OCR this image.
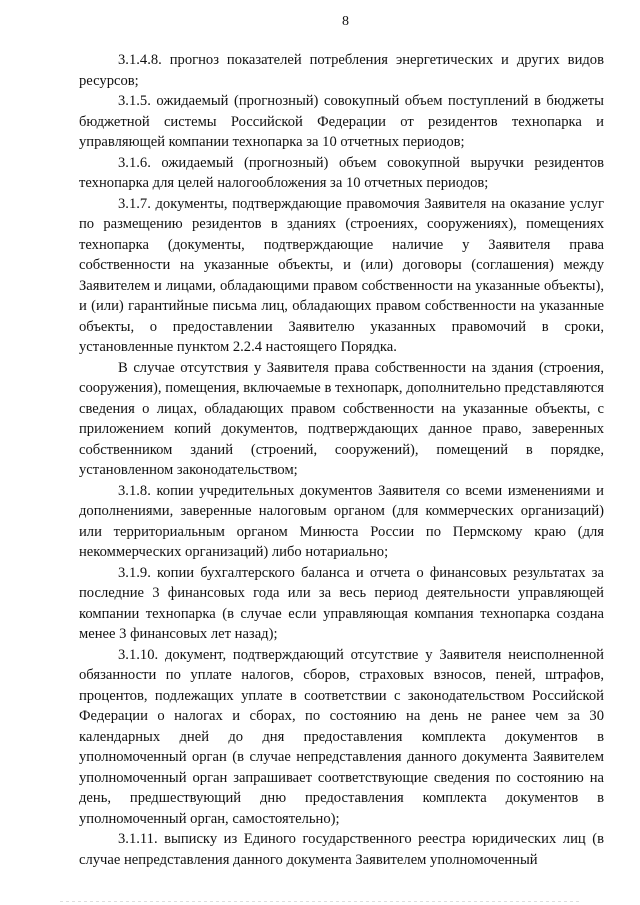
8

3.1.4.8. прогноз показателей потребления энергетических и других видов ресурсов;

3.1.5. ожидаемый (прогнозный) совокупный объем поступлений в бюджеты бюджетной системы Российской Федерации от резидентов технопарка и управляющей компании технопарка за 10 отчетных периодов;

3.1.6. ожидаемый (прогнозный) объем совокупной выручки резидентов технопарка для целей налогообложения за 10 отчетных периодов;

3.1.7. документы, подтверждающие правомочия Заявителя на оказание услуг по размещению резидентов в зданиях (строениях, сооружениях), помещениях технопарка (документы, подтверждающие наличие у Заявителя права собственности на указанные объекты, и (или) договоры (соглашения) между Заявителем и лицами, обладающими правом собственности на указанные объекты), и (или) гарантийные письма лиц, обладающих правом собственности на указанные объекты, о предоставлении Заявителю указанных правомочий в сроки, установленные пунктом 2.2.4 настоящего Порядка.

В случае отсутствия у Заявителя права собственности на здания (строения, сооружения), помещения, включаемые в технопарк, дополнительно представляются сведения о лицах, обладающих правом собственности на указанные объекты, с приложением копий документов, подтверждающих данное право, заверенных собственником зданий (строений, сооружений), помещений в порядке, установленном законодательством;

3.1.8. копии учредительных документов Заявителя со всеми изменениями и дополнениями, заверенные налоговым органом (для коммерческих организаций) или территориальным органом Минюста России по Пермскому краю (для некоммерческих организаций) либо нотариально;

3.1.9. копии бухгалтерского баланса и отчета о финансовых результатах за последние 3 финансовых года или за весь период деятельности управляющей компании технопарка (в случае если управляющая компания технопарка создана менее 3 финансовых лет назад);

3.1.10. документ, подтверждающий отсутствие у Заявителя неисполненной обязанности по уплате налогов, сборов, страховых взносов, пеней, штрафов, процентов, подлежащих уплате в соответствии с законодательством Российской Федерации о налогах и сборах, по состоянию на день не ранее чем за 30 календарных дней до дня предоставления комплекта документов в уполномоченный орган (в случае непредставления данного документа Заявителем уполномоченный орган запрашивает соответствующие сведения по состоянию на день, предшествующий дню предоставления комплекта документов в уполномоченный орган, самостоятельно);

3.1.11. выписку из Единого государственного реестра юридических лиц (в случае непредставления данного документа Заявителем уполномоченный
